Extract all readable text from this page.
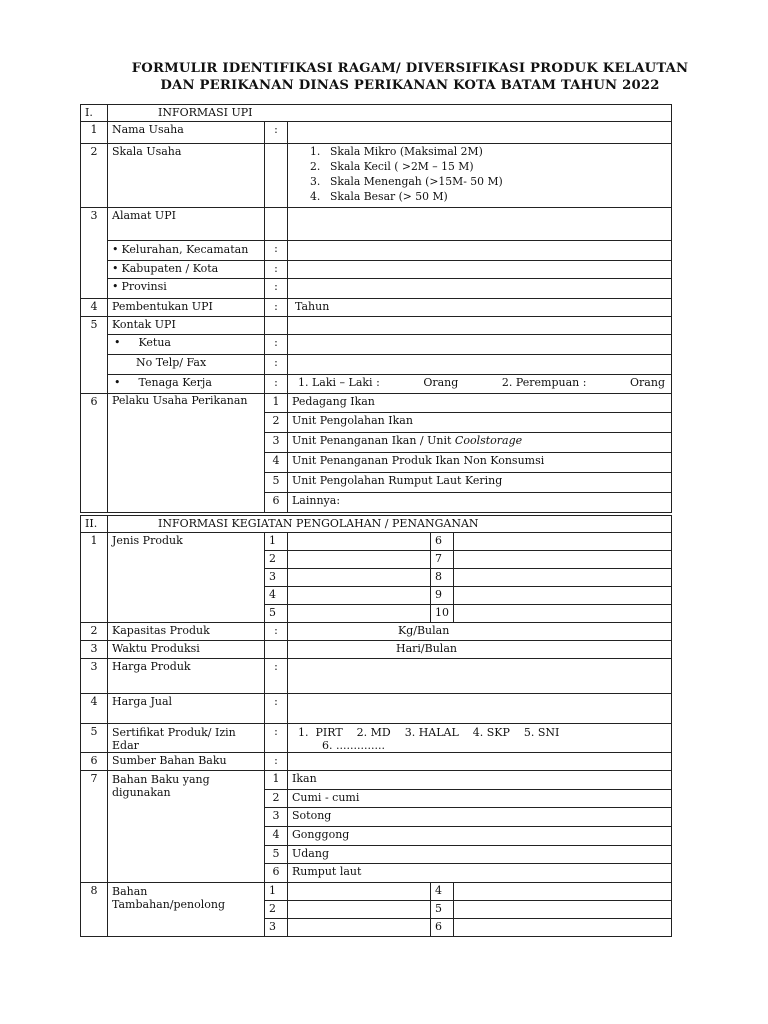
FORMULIR IDENTIFIKASI RAGAM/ DIVERSIFIKASI PRODUK KELAUTAN
DAN PERIKANAN DINAS PERIKANAN KOTA BATAM TAHUN 2022
I.	INFORMASI UPI		
1	Nama Usaha	:	
2	Skala Usaha		1. Skala Mikro (Maksimal 2M)
2. Skala Kecil ( >2M – 15 M)
3. Skala Menengah (>15M- 50 M)
4. Skala Besar (> 50 M)

3	Alamat UPI		
	• Kelurahan, Kecamatan	:	
	• Kabupaten / Kota	:	
	• Provinsi	:	
4	Pembentukan UPI	:	Tahun
5	Kontak UPI		
	• Ketua	:	
	No Telp/ Fax	:	
	• Tenaga Kerja	:	1. Laki – Laki : Orang 2. Perempuan : Orang

6	Pelaku Usaha Perikanan	1	Pedagang Ikan
		2	Unit Pengolahan Ikan
		3	Unit Penanganan Ikan / Unit Coolstorage
		4	Unit Penanganan Produk Ikan Non Konsumsi
		5	Unit Pengolahan Rumput Laut Kering
		6	Lainnya:
II.	INFORMASI KEGIATAN PENGOLAHAN / PENANGANAN				
1	Jenis Produk	1		6	
		2		7	
		3		8	
		4		9	
		5		10	
2	Kapasitas Produk	:	Kg/Bulan		
3	Waktu Produksi		Hari/Bulan		
3	Harga Produk	:			
4	Harga Jual	:			
5	Sertifikat Produk/ Izin Edar	:	1.  PIRT    2. MD    3. HALAL    4. SKP    5. SNI
6. ..............		

6	Sumber Bahan Baku	:			
7	Bahan Baku yang digunakan	1	Ikan		
		2	Cumi - cumi		
		3	Sotong		
		4	Gonggong		
		5	Udang		
		6	Rumput laut		
8	Bahan Tambahan/penolong	1		4	
		2		5	
		3		6	
